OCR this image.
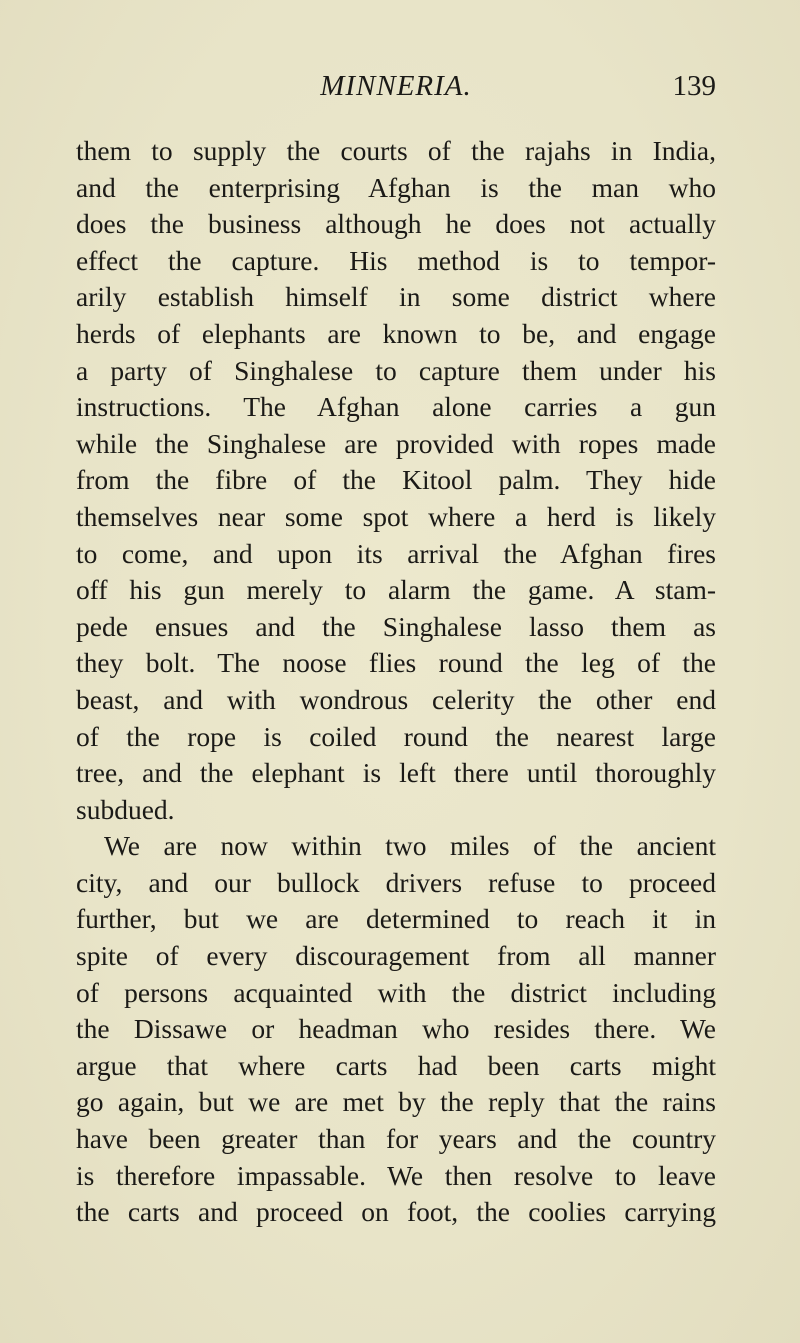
MINNERIA.	139
them to supply the courts of the rajahs in India,
and the enterprising Afghan is the man who
does the business although he does not actually
effect the capture. His method is to tempor-
arily establish himself in some district where
herds of elephants are known to be, and engage
a party of Singhalese to capture them under his
instructions. The Afghan alone carries a gun
while the Singhalese are provided with ropes made
from the fibre of the Kitool palm. They hide
themselves near some spot where a herd is likely
to come, and upon its arrival the Afghan fires
off his gun merely to alarm the game. A stam-
pede ensues and the Singhalese lasso them as
they bolt. The noose flies round the leg of the
beast, and with wondrous celerity the other end
of the rope is coiled round the nearest large
tree, and the elephant is left there until thoroughly
subdued.
We are now within two miles of the ancient
city, and our bullock drivers refuse to proceed
further, but we are determined to reach it in
spite of every discouragement from all manner
of persons acquainted with the district including
the Dissawe or headman who resides there. We
argue that where carts had been carts might
go again, but we are met by the reply that the rains
have been greater than for years and the country
is therefore impassable. We then resolve to leave
the carts and proceed on foot, the coolies carrying
